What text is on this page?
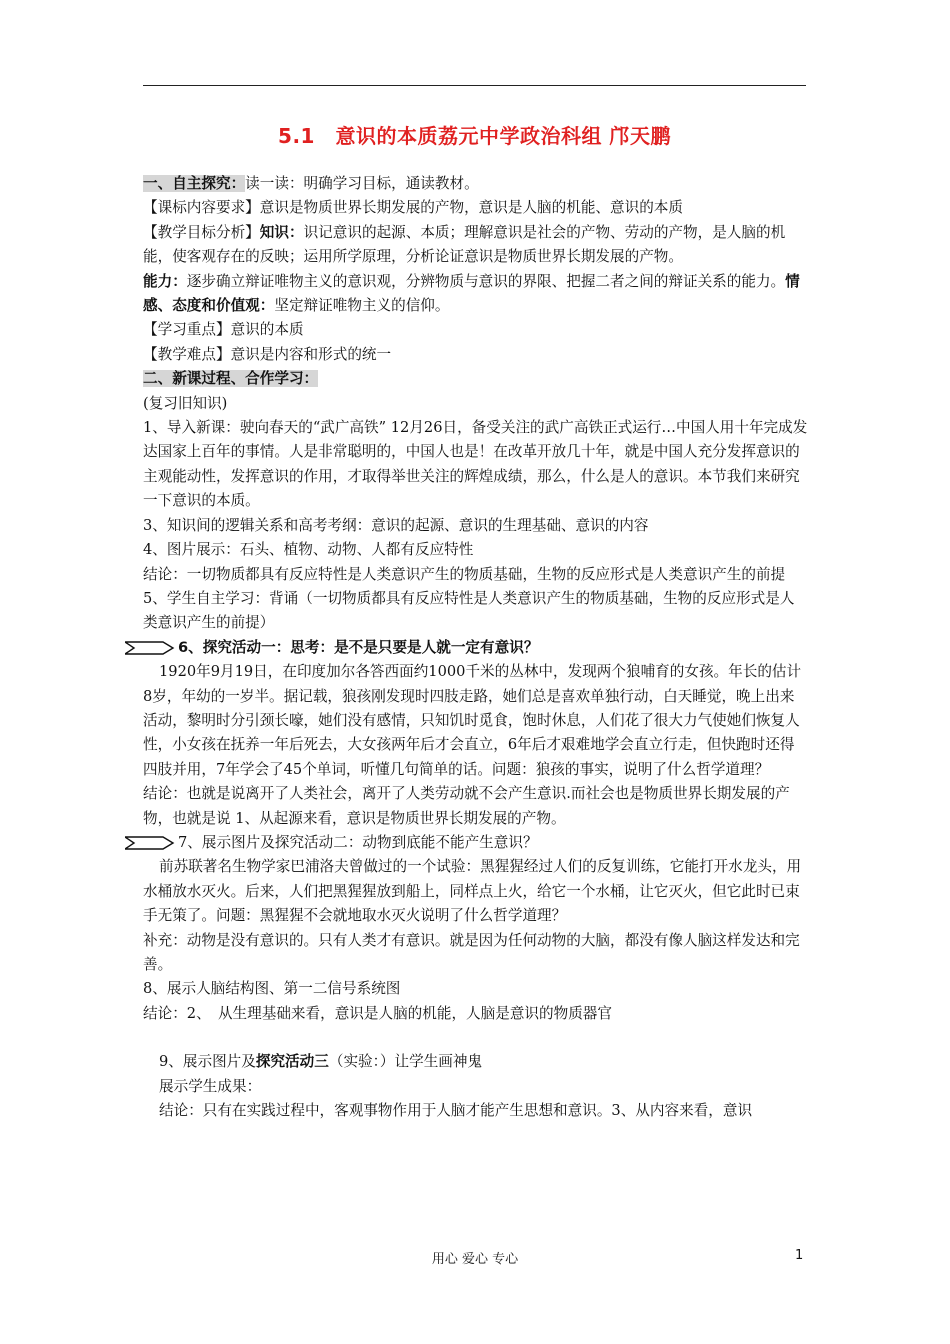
5.1　意识的本质荔元中学政治科组 邝天鹏

一、自主探究：读一读：明确学习目标，通读教材。

【课标内容要求】意识是物质世界长期发展的产物，意识是人脑的机能、意识的本质

【教学目标分析】知识：识记意识的起源、本质；理解意识是社会的产物、劳动的产物，是人脑的机能，使客观存在的反映；运用所学原理，分析论证意识是物质世界长期发展的产物。

能力：逐步确立辩证唯物主义的意识观，分辨物质与意识的界限、把握二者之间的辩证关系的能力。情感、态度和价值观：坚定辩证唯物主义的信仰。

【学习重点】意识的本质

【教学难点】意识是内容和形式的统一

二、新课过程、合作学习：

(复习旧知识)

1、导入新课：驶向春天的“武广高铁” 12月26日，备受关注的武广高铁正式运行…中国人用十年完成发达国家上百年的事情。人是非常聪明的，中国人也是！在改革开放几十年，就是中国人充分发挥意识的主观能动性，发挥意识的作用，才取得举世关注的辉煌成绩，那么，什么是人的意识。本节我们来研究一下意识的本质。

3、知识间的逻辑关系和高考考纲：意识的起源、意识的生理基础、意识的内容

4、图片展示：石头、植物、动物、人都有反应特性

结论：一切物质都具有反应特性是人类意识产生的物质基础，生物的反应形式是人类意识产生的前提

5、学生自主学习：背诵（一切物质都具有反应特性是人类意识产生的物质基础，生物的反应形式是人类意识产生的前提）

6、探究活动一：思考：是不是只要是人就一定有意识？

1920年9月19日，在印度加尔各答西面约1000千米的丛林中，发现两个狼哺育的女孩。年长的估计8岁，年幼的一岁半。据记载，狼孩刚发现时四肢走路，她们总是喜欢单独行动，白天睡觉，晚上出来活动，黎明时分引颈长嚎，她们没有感情，只知饥时觅食，饱时休息，人们花了很大力气使她们恢复人性，小女孩在抚养一年后死去，大女孩两年后才会直立，6年后才艰难地学会直立行走，但快跑时还得四肢并用，7年学会了45个单词，听懂几句简单的话。问题：狼孩的事实，说明了什么哲学道理？

结论：也就是说离开了人类社会，离开了人类劳动就不会产生意识.而社会也是物质世界长期发展的产物，也就是说 1、从起源来看，意识是物质世界长期发展的产物。

7、展示图片及探究活动二：动物到底能不能产生意识？

前苏联著名生物学家巴浦洛夫曾做过的一个试验：黑猩猩经过人们的反复训练，它能打开水龙头，用水桶放水灭火。后来，人们把黑猩猩放到船上，同样点上火，给它一个水桶，让它灭火，但它此时已束手无策了。问题：黑猩猩不会就地取水灭火说明了什么哲学道理？

补充：动物是没有意识的。只有人类才有意识。就是因为任何动物的大脑，都没有像人脑这样发达和完善。

8、展示人脑结构图、第一二信号系统图

结论：2、　从生理基础来看，意识是人脑的机能，人脑是意识的物质器官

9、展示图片及探究活动三（实验：）让学生画神鬼

展示学生成果：

结论：只有在实践过程中，客观事物作用于人脑才能产生思想和意识。3、从内容来看，意识

用心 爱心 专心	1
